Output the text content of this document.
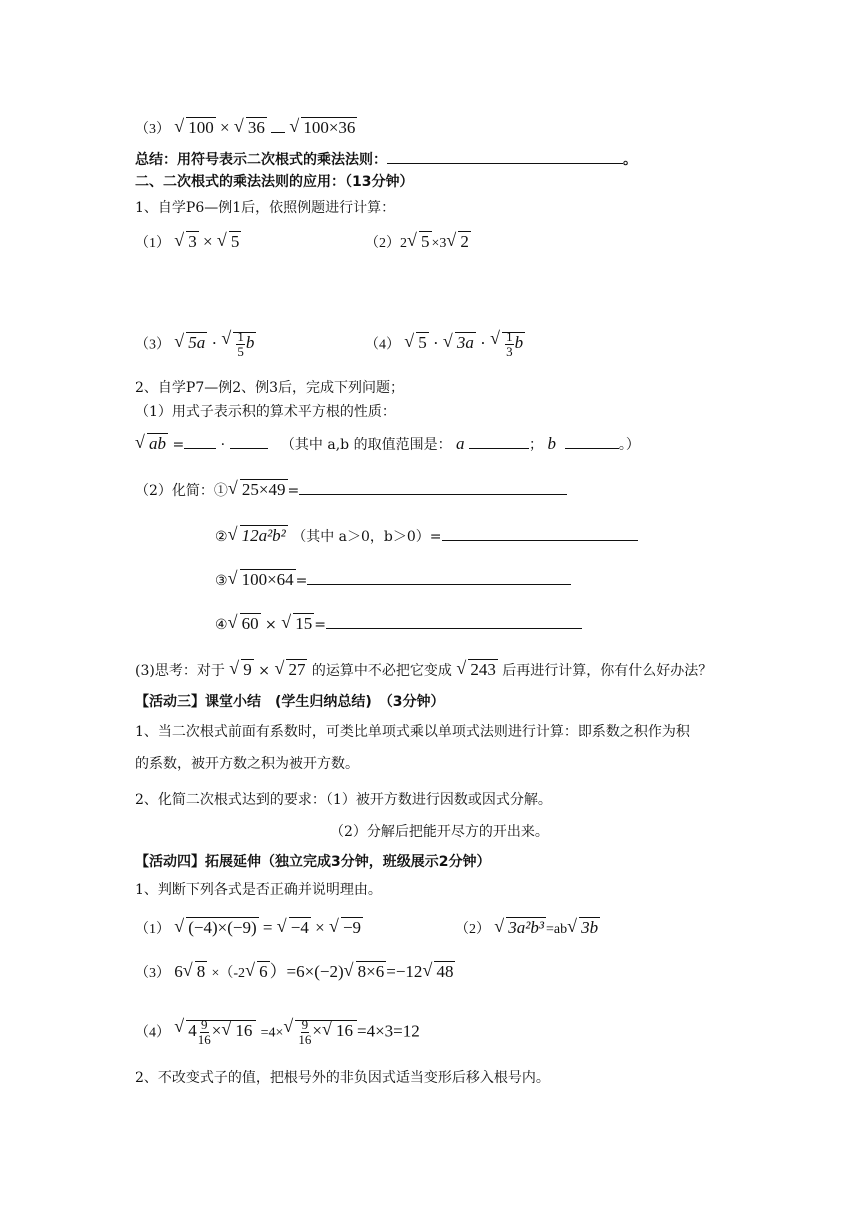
（3） √ 100 × √ 36 √ 100×36
总结：用符号表示二次根式的乘法法则：	。
二、二次根式的乘法法则的应用：（13分钟）
1、自学P6—例1后，依照例题进行计算：
（1） √ 3 × √ 5	（2）2 √ 5 ×3 √ 2
（3） √ 5a · √ $\frac{1}{5}$ b	（4） √ 5 · √ 3a · √ $\frac{1}{3}$ b
2、自学P7—例2、例3后，完成下列问题；
（1）用式子表示积的算术平方根的性质：
√ ab = ·	（其中 a,b 的取值范围是： a	； b	。）
（2）化简：① √ 25×49 =
② √ 12a²b² （其中 a＞0，b＞0）=
③ √ 100×64 =
④ √ 60 × √ 15 =
(3)思考：对于 √ 9 × √ 27 的运算中不必把它变成 √ 243 后再进行计算，你有什么好办法？
【活动三】课堂小结　(学生归纳总结)　（3分钟）
1、当二次根式前面有系数时，可类比单项式乘以单项式法则进行计算：即系数之积作为积
的系数，被开方数之积为被开方数。
2、化简二次根式达到的要求：（1）被开方数进行因数或因式分解。
（2）分解后把能开尽方的开出来。
【活动四】拓展延伸（独立完成3分钟，班级展示2分钟）
1、判断下列各式是否正确并说明理由。
（1） √ (−4)×(−9) = √ −4 × √ −9	（2） √ 3a²b³ =ab √ 3b
（3） 6 √ 8 ×（-2 √ 6 ）=6×(−2) √ 8×6 =−12 √ 48
（4） √ $4 \frac{9}{16}$ × √ 16 =4× √ $\frac{9}{16}$ × √ 16 =4×3=12
2、不改变式子的值，把根号外的非负因式适当变形后移入根号内。
